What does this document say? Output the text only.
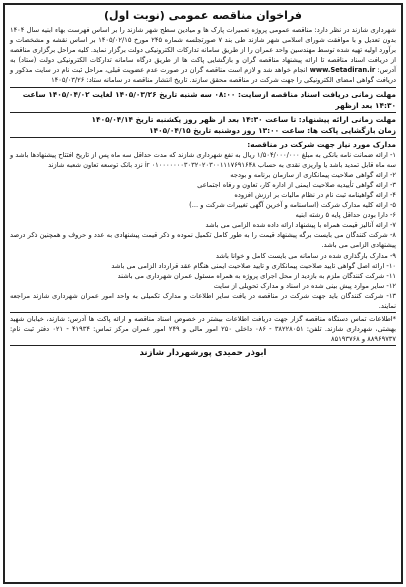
فراخوان مناقصه عمومی (نوبت اول)
شهرداری شازند در نظر دارد: مناقصه عمومی پروژه تعمیرات پارک ها و میادین سطح شهر شازند را بر اساس فهرست بهاء ابنیه سال ۱۴۰۴ بدون تعدیل و با موافقت شورای اسلامی شهر شازند طی بند ۷ صورتجلسه شماره ۲۴۵ مورخ ۱۴۰۵/۰۲/۱۵ بر اساس نقشه و مشخصات و برآورد اولیه تهیه شده توسط مهندسین واحد عمران را از طریق سامانه تدارکات الکترونیکی دولت برگزار نماید. کلیه مراحل برگزاری مناقصه از دریافت اسناد مناقصه تا ارائه پیشنهاد مناقصه گران و بازگشایی پاکت ها از طریق درگاه سامانه تدارکات الکترونیکی دولت (ستاد) به آدرس: www.Setadiran.ir انجام خواهد شد و لازم است مناقصه گران در صورت عدم عضویت قبلی، مراحل ثبت نام در سایت مذکور و دریافت گواهی امضای الکترونیکی را جهت شرکت در مناقصه محقق سازند. تاریخ انتشار مناقصه در سامانه ستاد: ۱۴۰۵/۰۳/۲۶
مهلت زمانی دریافت اسناد مناقصه ازسایت: ۰۸:۰۰ سه شنبه تاریخ ۱۴۰۵/۰۳/۲۶ لغایت ۱۴۰۵/۰۴/۰۲ ساعت ۱۴:۳۰ بعد ازظهر
مهلت زمانی ارائه پیشنهاد: تا ساعت ۱۴:۳۰ بعد از ظهر روز یکشنبه تاریخ ۱۴۰۵/۰۴/۱۴
زمان بازگشایی پاکت ها: ساعت ۱۳:۰۰ روز دوشنبه تاریخ ۱۴۰۵/۰۴/۱۵
مدارک مورد نیاز جهت شرکت در مناقصه:
۱- ارائه ضمانت نامه بانکی به مبلغ ۱/۵۰۴/۰۰۰/۰۰۰ ریال به نفع شهرداری شازند که مدت حداقل سه ماه پس از تاریخ افتتاح پیشنهادها باشد و سه ماه قابل تمدید باشد یا واریزی نقدی به حساب ir ۰۱۰۰۰۰۰۰۰۳۰۳۲۰۲۰۳۰۰۱۱۱۷۶۹۱۶۴۸ نزد بانک توسعه تعاون شعبه شازند
۲- ارائه گواهی صلاحیت پیمانکاری از سازمان برنامه و بودجه
۳- ارائه گواهی تأییدیه صلاحیت ایمنی از اداره کار، تعاون و رفاه اجتماعی
۴- ارائه گواهینامه ثبت نام در نظام مالیات بر ارزش افزوده
۵- ارائه کلیه مدارک شرکت (اساسنامه و آخرین آگهی تغییرات شرکت و ...)
۶- دارا بودن حداقل پایه ۵ رشته ابنیه
۷- ارائه آنالیز قیمت همراه با پیشنهاد ارائه داده شده الزامی می باشد
۸- شرکت کنندگان می بایست برگه پیشنهاد قیمت را به طور کامل تکمیل نموده و ذکر قیمت پیشنهادی به عدد و حروف و همچنین ذکر درصد پیشنهادی الزامی می باشد.
۹- مدارک بارگذاری شده در سامانه می بایست کامل و خوانا باشد
۱۰- ارائه اصل گواهی تایید صلاحیت پیمانکاری و تایید صلاحیت ایمنی هنگام عقد قرارداد الزامی می باشد
۱۱- شرکت کنندگان ملزم به بازدید از محل اجرای پروژه به همراه مسئول عمران شهرداری می باشند
۱۲- سایر موارد پیش بینی شده در اسناد و مدارک تحویلی از سایت
۱۳- شرکت کنندگان باید جهت شرکت در مناقصه در یافت سایر اطلاعات و مدارک تکمیلی به واحد امور عمران شهرداری شازند مراجعه نمایند.
*اطلاعات تماس دستگاه مناقصه گزار جهت دریافت اطلاعات بیشتر در خصوص اسناد مناقصه و ارائه پاکت ها آدرس: شازند، خیابان شهید بهشتی، شهرداری شازند. تلفن: ۳۸۲۲۸۰۵۱ - ۰۸۶ داخلی ۲۵۰ امور مالی و ۲۴۹ امور عمران مرکز تماس: ۴۱۹۳۴ - ۰۲۱ دفتر ثبت نام: ۸۸۹۶۹۷۳۷ و ۸۵۱۹۳۷۶۸
ابوذر حمیدی پورشهردار شازند
